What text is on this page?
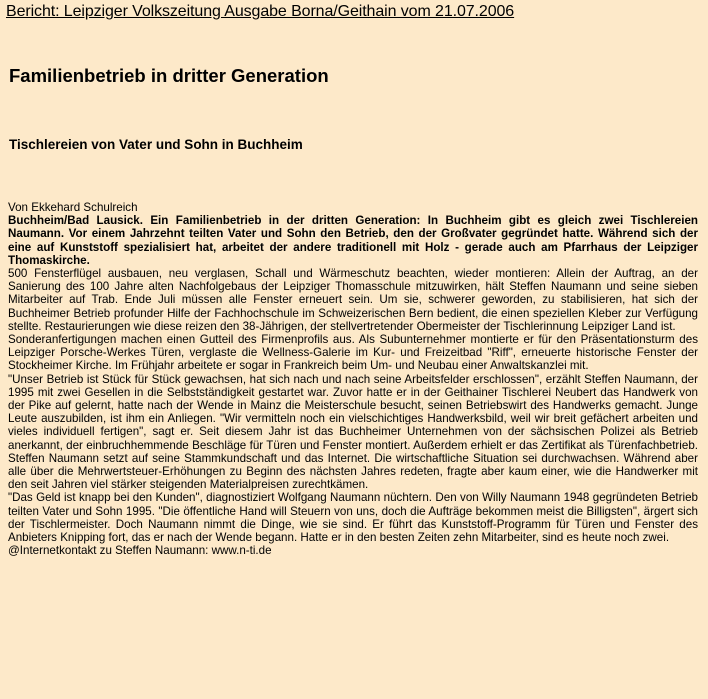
Bericht: Leipziger Volkszeitung Ausgabe Borna/Geithain vom 21.07.2006
Familienbetrieb in dritter Generation
Tischlereien von Vater und Sohn in Buchheim

Von Ekkehard Schulreich

Buchheim/Bad Lausick. Ein Familienbetrieb in der dritten Generation: In Buchheim gibt es gleich zwei Tischlereien Naumann. Vor einem Jahrzehnt teilten Vater und Sohn den Betrieb, den der Großvater gegründet hatte. Während sich der eine auf Kunststoff spezialisiert hat, arbeitet der andere traditionell mit Holz - gerade auch am Pfarrhaus der Leipziger Thomaskirche.

500 Fensterflügel ausbauen, neu verglasen, Schall und Wärmeschutz beachten, wieder montieren: Allein der Auftrag, an der Sanierung des 100 Jahre alten Nachfolgebaus der Leipziger Thomasschule mitzuwirken, hält Steffen Naumann und seine sieben Mitarbeiter auf Trab. Ende Juli müssen alle Fenster erneuert sein. Um sie, schwerer geworden, zu stabilisieren, hat sich der Buchheimer Betrieb profunder Hilfe der Fachhochschule im Schweizerischen Bern bedient, die einen speziellen Kleber zur Verfügung stellte. Restaurierungen wie diese reizen den 38-Jährigen, der stellvertretender Obermeister der Tischlerinnung Leipziger Land ist.

Sonderanfertigungen machen einen Gutteil des Firmenprofils aus. Als Subunternehmer montierte er für den Präsentationsturm des Leipziger Porsche-Werkes Türen, verglaste die Wellness-Galerie im Kur- und Freizeitbad "Riff", erneuerte historische Fenster der Stockheimer Kirche. Im Frühjahr arbeitete er sogar in Frankreich beim Um- und Neubau einer Anwaltskanzlei mit.

"Unser Betrieb ist Stück für Stück gewachsen, hat sich nach und nach seine Arbeitsfelder erschlossen", erzählt Steffen Naumann, der 1995 mit zwei Gesellen in die Selbstständigkeit gestartet war. Zuvor hatte er in der Geithainer Tischlerei Neubert das Handwerk von der Pike auf gelernt, hatte nach der Wende in Mainz die Meisterschule besucht, seinen Betriebswirt des Handwerks gemacht. Junge Leute auszubilden, ist ihm ein Anliegen. "Wir vermitteln noch ein vielschichtiges Handwerksbild, weil wir breit gefächert arbeiten und vieles individuell fertigen", sagt er. Seit diesem Jahr ist das Buchheimer Unternehmen von der sächsischen Polizei als Betrieb anerkannt, der einbruchhemmende Beschläge für Türen und Fenster montiert. Außerdem erhielt er das Zertifikat als Türenfachbetrieb. Steffen Naumann setzt auf seine Stammkundschaft und das Internet. Die wirtschaftliche Situation sei durchwachsen. Während aber alle über die Mehrwertsteuer-Erhöhungen zu Beginn des nächsten Jahres redeten, fragte aber kaum einer, wie die Handwerker mit den seit Jahren viel stärker steigenden Materialpreisen zurechtkämen.

"Das Geld ist knapp bei den Kunden", diagnostiziert Wolfgang Naumann nüchtern. Den von Willy Naumann 1948 gegründeten Betrieb teilten Vater und Sohn 1995. "Die öffentliche Hand will Steuern von uns, doch die Aufträge bekommen meist die Billigsten", ärgert sich der Tischlermeister. Doch Naumann nimmt die Dinge, wie sie sind. Er führt das Kunststoff-Programm für Türen und Fenster des Anbieters Knipping fort, das er nach der Wende begann. Hatte er in den besten Zeiten zehn Mitarbeiter, sind es heute noch zwei.

@Internetkontakt zu Steffen Naumann: www.n-ti.de
